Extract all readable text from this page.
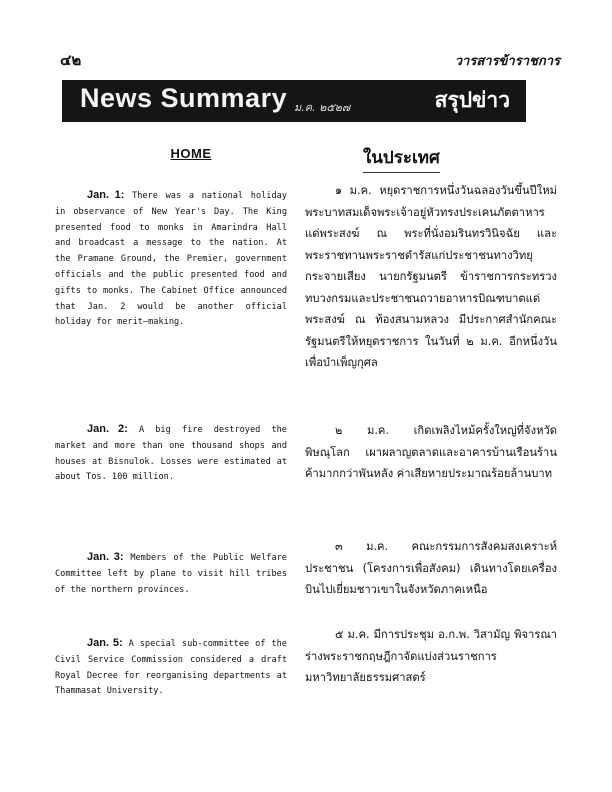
๔๒	วารสารข้าราชการ
News Summary ม.ค. ๒๕๒๗	สรุปข่าว
HOME
Jan. 1: There was a national holiday in observance of New Year's Day. The King presented food to monks in Amarindra Hall and broadcast a message to the nation. At the Pramane Ground, the Premier, government officials and the public presented food and gifts to monks. The Cabinet Office announced that Jan. 2 would be another official holiday for merit—making.
Jan. 2: A big fire destroyed the market and more than one thousand shops and houses at Bisnulok. Losses were estimated at about Tos. 100 million.
Jan. 3: Members of the Public Welfare Committee left by plane to visit hill tribes of the northern provinces.
Jan. 5: A special sub-committee of the Civil Service Commission considered a draft Royal Decree for reorganising departments at Thammasat University.
ในประเทศ
๑ ม.ค. หยุดราชการหนึ่งวันฉลองวันขึ้นปีใหม่ พระบาทสมเด็จพระเจ้าอยู่หัวทรงประเคนภัตตาหารแด่พระสงฆ์ ณ พระที่นั่งอมรินทรวินิจฉัย และพระราชทานพระราชดำรัสแก่ประชาชนทางวิทยุกระจายเสียง นายกรัฐมนตรี ข้าราชการกระทรวงทบวงกรมและประชาชนถวายอาหารบิณฑบาตแด่พระสงฆ์ ณ ท้องสนามหลวง มีประกาศสำนักคณะรัฐมนตรีให้หยุดราชการ ในวันที่ ๒ ม.ค. อีกหนึ่งวันเพื่อบำเพ็ญกุศล
๒ ม.ค. เกิดเพลิงไหม้ครั้งใหญ่ที่จังหวัดพิษณุโลก เผาผลาญตลาดและอาคารบ้านเรือนร้านค้ามากกว่าพันหลัง ค่าเสียหายประมาณร้อยล้านบาท
๓ ม.ค. คณะกรรมการสังคมสงเคราะห์ประชาชน (โครงการเพื่อสังคม) เดินทางโดยเครื่องบินไปเยี่ยมชาวเขาในจังหวัดภาคเหนือ
๕ ม.ค. มีการประชุม อ.ก.พ. วิสามัญ พิจารณาร่างพระราชกฤษฎีกาจัดแบ่งส่วนราชการมหาวิทยาลัยธรรมศาสตร์
